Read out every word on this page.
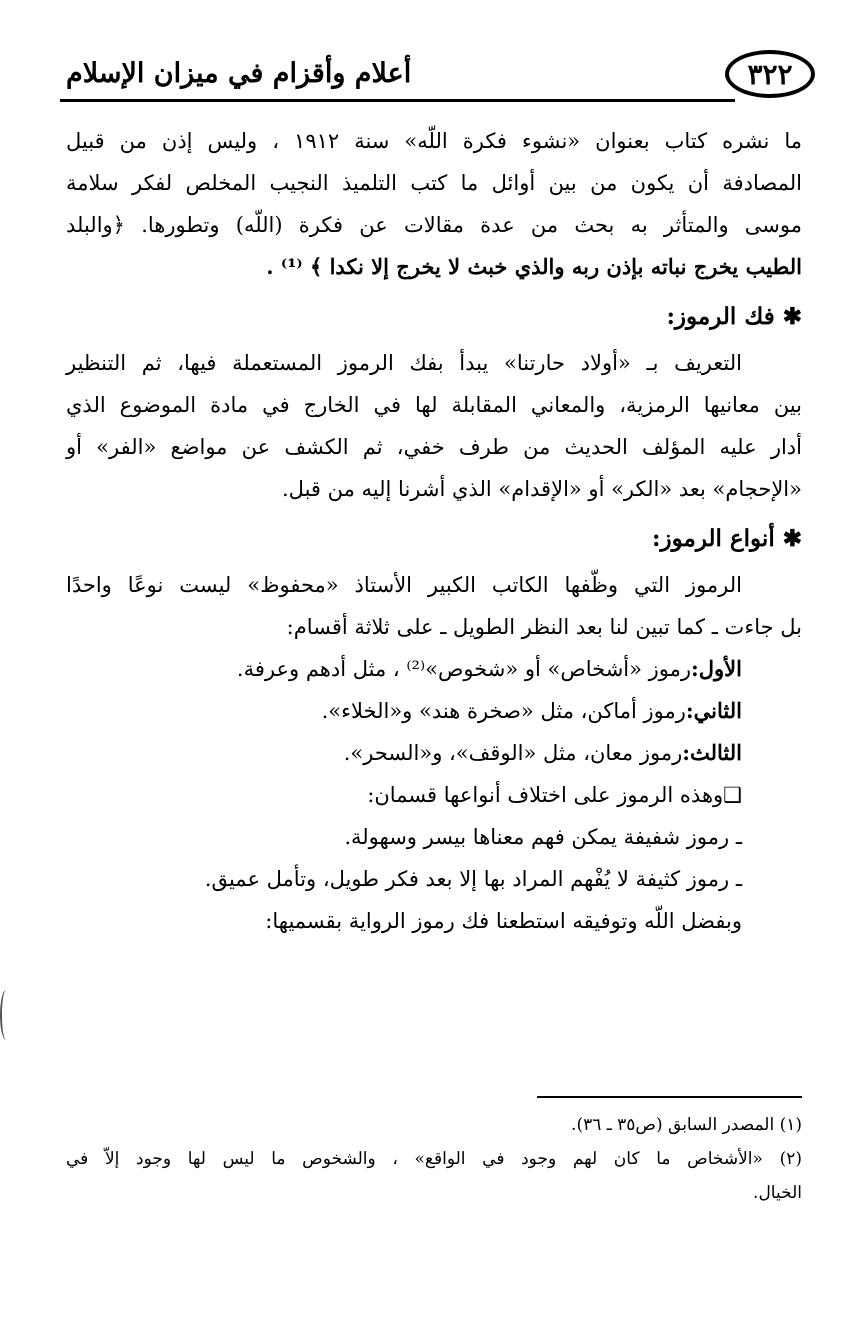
أعلام وأقزام في ميزان الإسلام	٣٢٢
ما نشره كتاب بعنوان «نشوء فكرة اللّه» سنة ١٩١٢ ، وليس إذن من قبيل
المصادفة أن يكون من بين أوائل ما كتب التلميذ النجيب المخلص لفكر سلامة
موسى والمتأثر به بحث من عدة مقالات عن فكرة (اللّه) وتطورها. ﴿والبلد
الطيب يخرج نباته بإذن ربه والذي خبث لا يخرج إلا نكدا ﴾ ⁽¹⁾ .
✱ فك الرموز:
التعريف بـ «أولاد حارتنا» يبدأ بفك الرموز المستعملة فيها، ثم التنظير
بين معانيها الرمزية، والمعاني المقابلة لها في الخارج في مادة الموضوع الذي
أدار عليه المؤلف الحديث من طرف خفي، ثم الكشف عن مواضع «الفر» أو
«الإحجام» بعد «الكر» أو «الإقدام» الذي أشرنا إليه من قبل.
✱ أنواع الرموز:
الرموز التي وظّفها الكاتب الكبير الأستاذ «محفوظ» ليست نوعًا واحدًا
بل جاءت ـ كما تبين لنا بعد النظر الطويل ـ على ثلاثة أقسام:
الأول:رموز «أشخاص» أو «شخوص»⁽²⁾ ، مثل أدهم وعرفة.
الثاني:رموز أماكن، مثل «صخرة هند» و«الخلاء».
الثالث:رموز معان، مثل «الوقف»، و«السحر».
❑وهذه الرموز على اختلاف أنواعها قسمان:
ـ رموز شفيفة يمكن فهم معناها بيسر وسهولة.
ـ رموز كثيفة لا يُفْهم المراد بها إلا بعد فكر طويل، وتأمل عميق.
وبفضل اللّه وتوفيقه استطعنا فك رموز الرواية بقسميها:
(١) المصدر السابق (ص٣٥ ـ ٣٦).
(٢) «الأشخاص ما كان لهم وجود في الواقع» ، والشخوص ما ليس لها وجود إلاّ في
الخيال.
